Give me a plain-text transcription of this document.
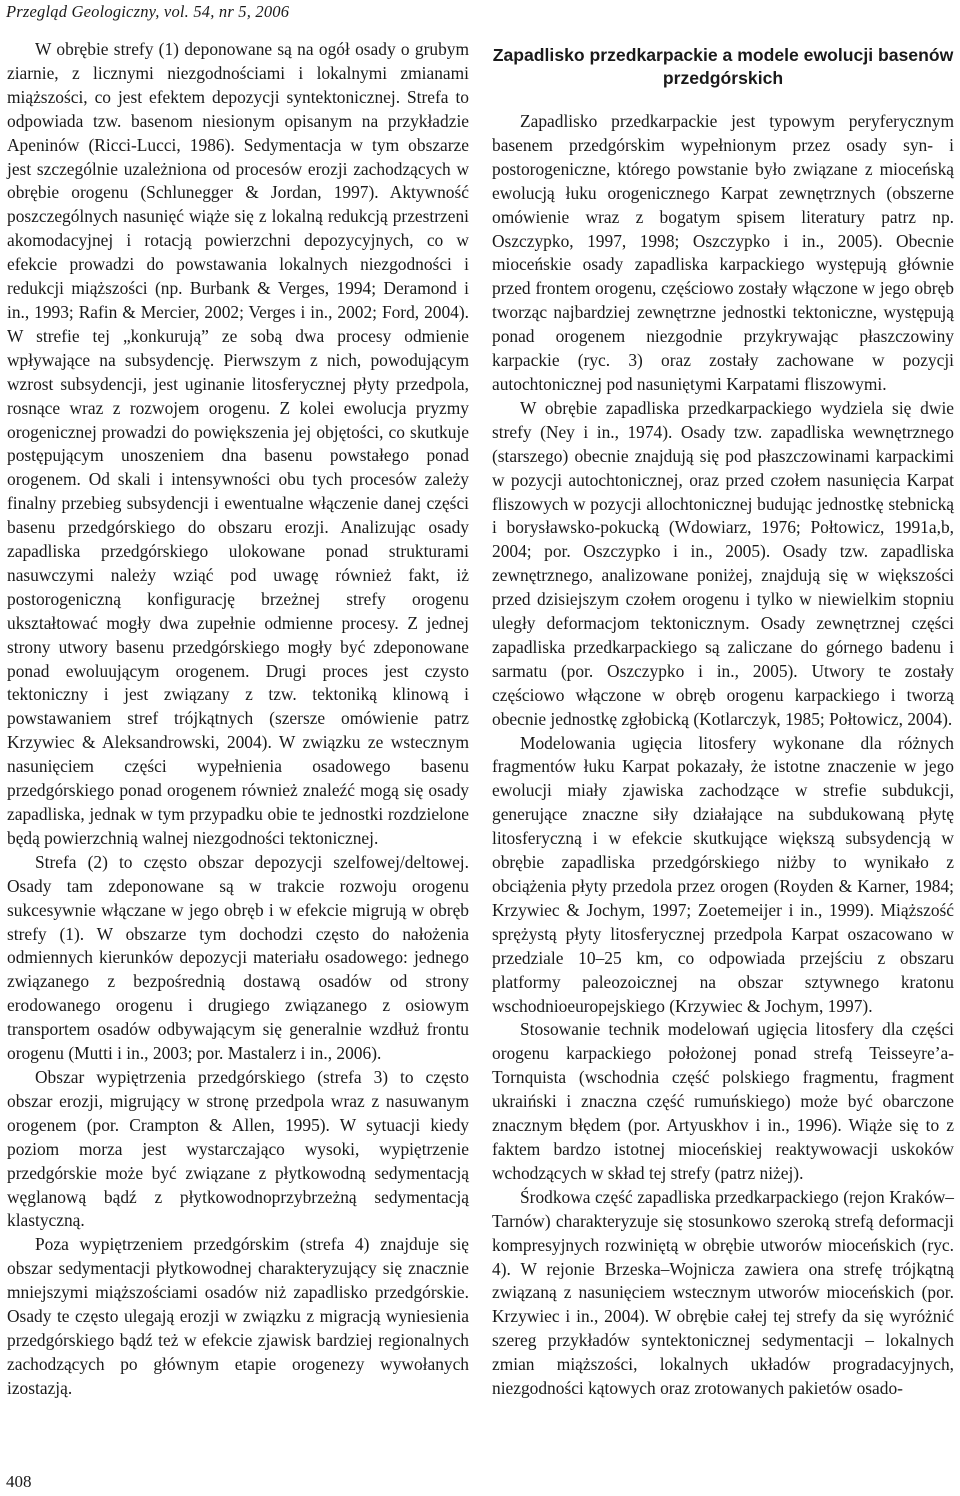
Przegląd Geologiczny, vol. 54, nr 5, 2006

W obrębie strefy (1) deponowane są na ogół osady o grubym ziarnie, z licznymi niezgodnościami i lokalnymi zmianami miąższości, co jest efektem depozycji syntektonicznej. Strefa to odpowiada tzw. basenom niesionym opisanym na przykładzie Apeninów (Ricci-Lucci, 1986). Sedymentacja w tym obszarze jest szczególnie uzależniona od procesów erozji zachodzących w obrębie orogenu (Schlunegger & Jordan, 1997). Aktywność poszczególnych nasunięć wiąże się z lokalną redukcją przestrzeni akomodacyjnej i rotacją powierzchni depozycyjnych, co w efekcie prowadzi do powstawania lokalnych niezgodności i redukcji miąższości (np. Burbank & Verges, 1994; Deramond i in., 1993; Rafin & Mercier, 2002; Verges i in., 2002; Ford, 2004). W strefie tej „konkurują” ze sobą dwa procesy odmienie wpływające na subsydencję. Pierwszym z nich, powodującym wzrost subsydencji, jest uginanie litosferycznej płyty przedpola, rosnące wraz z rozwojem orogenu. Z kolei ewolucja pryzmy orogenicznej prowadzi do powiększenia jej objętości, co skutkuje postępującym unoszeniem dna basenu powstałego ponad orogenem. Od skali i intensywności obu tych procesów zależy finalny przebieg subsydencji i ewentualne włączenie danej części basenu przedgórskiego do obszaru erozji. Analizując osady zapadliska przedgórskiego ulokowane ponad strukturami nasuwczymi należy wziąć pod uwagę również fakt, iż postorogeniczną konfigurację brzeżnej strefy orogenu ukształtować mogły dwa zupełnie odmienne procesy. Z jednej strony utwory basenu przedgórskiego mogły być zdeponowane ponad ewoluującym orogenem. Drugi proces jest czysto tektoniczny i jest związany z tzw. tektoniką klinową i powstawaniem stref trójkątnych (szersze omówienie patrz Krzywiec & Aleksandrowski, 2004). W związku ze wstecznym nasunięciem części wypełnienia osadowego basenu przedgórskiego ponad orogenem również znaleźć mogą się osady zapadliska, jednak w tym przypadku obie te jednostki rozdzielone będą powierzchnią walnej niezgodności tektonicznej.

Strefa (2) to często obszar depozycji szelfowej/deltowej. Osady tam zdeponowane są w trakcie rozwoju orogenu sukcesywnie włączane w jego obręb i w efekcie migrują w obręb strefy (1). W obszarze tym dochodzi często do nałożenia odmiennych kierunków depozycji materiału osadowego: jednego związanego z bezpośrednią dostawą osadów od strony erodowanego orogenu i drugiego związanego z osiowym transportem osadów odbywającym się generalnie wzdłuż frontu orogenu (Mutti i in., 2003; por. Mastalerz i in., 2006).

Obszar wypiętrzenia przedgórskiego (strefa 3) to często obszar erozji, migrujący w stronę przedpola wraz z nasuwanym orogenem (por. Crampton & Allen, 1995). W sytuacji kiedy poziom morza jest wystarczająco wysoki, wypiętrzenie przedgórskie może być związane z płytkowodną sedymentacją węglanową bądź z płytkowodnoprzybrzeżną sedymentacją klastyczną.

Poza wypiętrzeniem przedgórskim (strefa 4) znajduje się obszar sedymentacji płytkowodnej charakteryzujący się znacznie mniejszymi miąższościami osadów niż zapadlisko przedgórskie. Osady te często ulegają erozji w związku z migracją wyniesienia przedgórskiego bądź też w efekcie zjawisk bardziej regionalnych zachodzących po głównym etapie orogenezy wywołanych izostazją.

Zapadlisko przedkarpackie a modele ewolucji basenów przedgórskich

Zapadlisko przedkarpackie jest typowym peryferycznym basenem przedgórskim wypełnionym przez osady syn- i postorogeniczne, którego powstanie było związane z mioceńską ewolucją łuku orogenicznego Karpat zewnętrznych (obszerne omówienie wraz z bogatym spisem literatury patrz np. Oszczypko, 1997, 1998; Oszczypko i in., 2005). Obecnie mioceńskie osady zapadliska karpackiego występują głównie przed frontem orogenu, częściowo zostały włączone w jego obręb tworząc najbardziej zewnętrzne jednostki tektoniczne, występują ponad orogenem niezgodnie przykrywając płaszczowiny karpackie (ryc. 3) oraz zostały zachowane w pozycji autochtonicznej pod nasuniętymi Karpatami fliszowymi.

W obrębie zapadliska przedkarpackiego wydziela się dwie strefy (Ney i in., 1974). Osady tzw. zapadliska wewnętrznego (starszego) obecnie znajdują się pod płaszczowinami karpackimi w pozycji autochtonicznej, oraz przed czołem nasunięcia Karpat fliszowych w pozycji allochtonicznej budując jednostkę stebnicką i borysławsko-pokucką (Wdowiarz, 1976; Połtowicz, 1991a,b, 2004; por. Oszczypko i in., 2005). Osady tzw. zapadliska zewnętrznego, analizowane poniżej, znajdują się w większości przed dzisiejszym czołem orogenu i tylko w niewielkim stopniu uległy deformacjom tektonicznym. Osady zewnętrznej części zapadliska przedkarpackiego są zaliczane do górnego badenu i sarmatu (por. Oszczypko i in., 2005). Utwory te zostały częściowo włączone w obręb orogenu karpackiego i tworzą obecnie jednostkę zgłobicką (Kotlarczyk, 1985; Połtowicz, 2004).

Modelowania ugięcia litosfery wykonane dla różnych fragmentów łuku Karpat pokazały, że istotne znaczenie w jego ewolucji miały zjawiska zachodzące w strefie subdukcji, generujące znaczne siły działające na subdukowaną płytę litosferyczną i w efekcie skutkujące większą subsydencją w obrębie zapadliska przedgórskiego niżby to wynikało z obciążenia płyty przedola przez orogen (Royden & Karner, 1984; Krzywiec & Jochym, 1997; Zoetemeijer i in., 1999). Miąższość sprężystą płyty litosferycznej przedpola Karpat oszacowano w przedziale 10–25 km, co odpowiada przejściu z obszaru platformy paleozoicznej na obszar sztywnego kratonu wschodnioeuropejskiego (Krzywiec & Jochym, 1997).

Stosowanie technik modelowań ugięcia litosfery dla części orogenu karpackiego położonej ponad strefą Teisseyre’a-Tornquista (wschodnia część polskiego fragmentu, fragment ukraiński i znaczna część rumuńskiego) może być obarczone znacznym błędem (por. Artyuskhov i in., 1996). Wiąże się to z faktem bardzo istotnej mioceńskiej reaktywowacji uskoków wchodzących w skład tej strefy (patrz niżej).

Środkowa część zapadliska przedkarpackiego (rejon Kraków–Tarnów) charakteryzuje się stosunkowo szeroką strefą deformacji kompresyjnych rozwiniętą w obrębie utworów mioceńskich (ryc. 4). W rejonie Brzeska–Wojnicza zawiera ona strefę trójkątną związaną z nasunięciem wstecznym utworów mioceńskich (por. Krzywiec i in., 2004). W obrębie całej tej strefy da się wyróżnić szereg przykładów syntektonicznej sedymentacji – lokalnych zmian miąższości, lokalnych układów progradacyjnych, niezgodności kątowych oraz zrotowanych pakietów osado-

408
